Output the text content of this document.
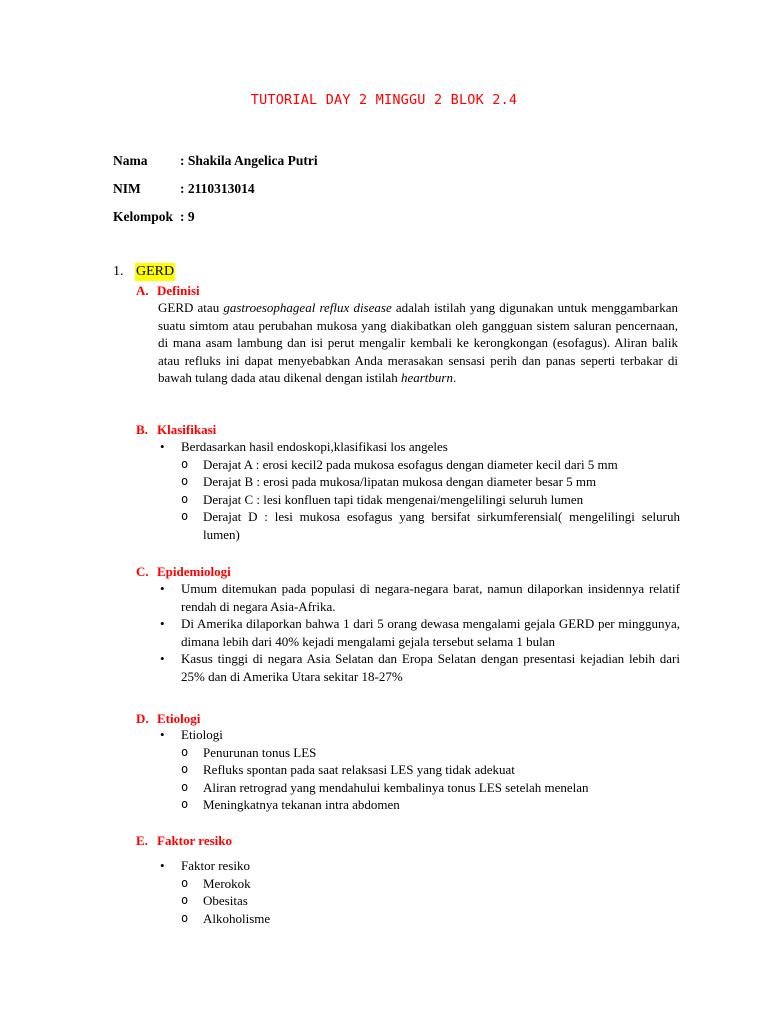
TUTORIAL DAY 2 MINGGU 2 BLOK 2.4
Nama : Shakila Angelica Putri
NIM	: 2110313014
Kelompok : 9
1. GERD
A. Definisi
GERD atau gastroesophageal reflux disease adalah istilah yang digunakan untuk menggambarkan suatu simtom atau perubahan mukosa yang diakibatkan oleh gangguan sistem saluran pencernaan, di mana asam lambung dan isi perut mengalir kembali ke kerongkongan (esofagus). Aliran balik atau refluks ini dapat menyebabkan Anda merasakan sensasi perih dan panas seperti terbakar di bawah tulang dada atau dikenal dengan istilah heartburn.
B. Klasifikasi
• Berdasarkan hasil endoskopi,klasifikasi los angeles
o Derajat A : erosi kecil2 pada mukosa esofagus dengan diameter kecil dari 5 mm
o Derajat B : erosi pada mukosa/lipatan mukosa dengan diameter besar 5 mm
o Derajat C : lesi konfluen tapi tidak mengenai/mengelilingi seluruh lumen
o Derajat D : lesi mukosa esofagus yang bersifat sirkumferensial( mengelilingi seluruh lumen)
C. Epidemiologi
• Umum ditemukan pada populasi di negara-negara barat, namun dilaporkan insidennya relatif rendah di negara Asia-Afrika.
• Di Amerika dilaporkan bahwa 1 dari 5 orang dewasa mengalami gejala GERD per minggunya, dimana lebih dari 40% kejadi mengalami gejala tersebut selama 1 bulan
• Kasus tinggi di negara Asia Selatan dan Eropa Selatan dengan presentasi kejadian lebih dari 25% dan di Amerika Utara sekitar 18-27%
D. Etiologi
• Etiologi
o Penurunan tonus LES
o Refluks spontan pada saat relaksasi LES yang tidak adekuat
o Aliran retrograd yang mendahului kembalinya tonus LES setelah menelan
o Meningkatnya tekanan intra abdomen
E. Faktor resiko
• Faktor resiko
o Merokok
o Obesitas
o Alkoholisme
